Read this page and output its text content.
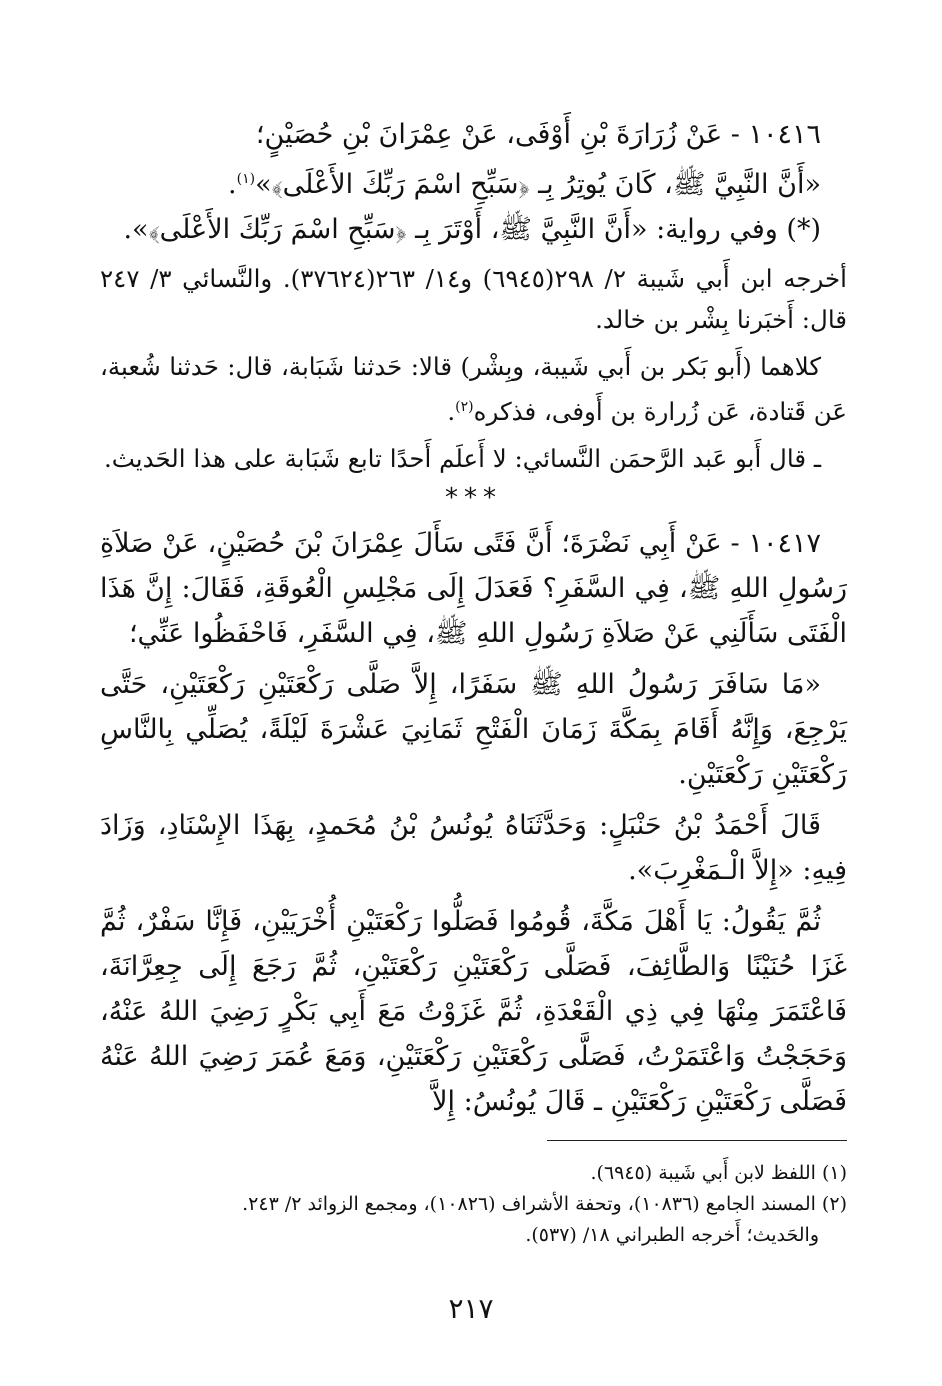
١٠٤١٦ - عَنْ زُرَارَةَ بْنِ أَوْفَى، عَنْ عِمْرَانَ بْنِ حُصَيْنٍ؛

«أَنَّ النَّبِيَّ ﷺ، كَانَ يُوتِرُ بِـ ﴿سَبِّحِ اسْمَ رَبِّكَ الأَعْلَى﴾»$^{(١)}$.

(*) وفي رواية: «أَنَّ النَّبِيَّ ﷺ، أَوْتَرَ بِـ ﴿سَبِّحِ اسْمَ رَبِّكَ الأَعْلَى﴾».

أخرجه ابن أَبي شَيبة ٢/ ٢٩٨(٦٩٤٥) و١٤/ ٢٦٣(٣٧٦٢٤). والنَّسائي ٣/ ٢٤٧ قال: أَخبَرنا بِشْر بن خالد.

كلاهما (أَبو بَكر بن أَبي شَيبة، وبِشْر) قالا: حَدثنا شَبَابة، قال: حَدثنا شُعبة، عَن قَتادة، عَن زُرارة بن أَوفى، فذكره$^{(٢)}$.

ـ قال أَبو عَبد الرَّحمَن النَّسائي: لا أَعلَم أَحدًا تابع شَبَابة على هذا الحَديث.

***

١٠٤١٧ - عَنْ أَبِي نَضْرَةَ؛ أَنَّ فَتًى سَأَلَ عِمْرَانَ بْنَ حُصَيْنٍ، عَنْ صَلاَةِ رَسُولِ اللهِ ﷺ، فِي السَّفَرِ؟ فَعَدَلَ إِلَى مَجْلِسِ الْعُوقَةِ، فَقَالَ: إِنَّ هَذَا الْفَتَى سَأَلَنِي عَنْ صَلاَةِ رَسُولِ اللهِ ﷺ، فِي السَّفَرِ، فَاحْفَظُوا عَنِّي؛

«مَا سَافَرَ رَسُولُ اللهِ ﷺ سَفَرًا، إِلاَّ صَلَّى رَكْعَتَيْنِ رَكْعَتَيْنِ، حَتَّى يَرْجِعَ، وَإِنَّهُ أَقَامَ بِمَكَّةَ زَمَانَ الْفَتْحِ ثَمَانِيَ عَشْرَةَ لَيْلَةً، يُصَلِّي بِالنَّاسِ رَكْعَتَيْنِ رَكْعَتَيْنِ.

قَالَ أَحْمَدُ بْنُ حَنْبَلٍ: وَحَدَّثَنَاهُ يُونُسُ بْنُ مُحَمدٍ، بِهَذَا الإِسْنَادِ، وَزَادَ فِيهِ: «إِلاَّ الْـمَغْرِبَ».

ثُمَّ يَقُولُ: يَا أَهْلَ مَكَّةَ، قُومُوا فَصَلُّوا رَكْعَتَيْنِ أُخْرَيَيْنِ، فَإِنَّا سَفْرٌ، ثُمَّ غَزَا حُنَيْنًا وَالطَّائِفَ، فَصَلَّى رَكْعَتَيْنِ رَكْعَتَيْنِ، ثُمَّ رَجَعَ إِلَى جِعِرَّانَةَ، فَاعْتَمَرَ مِنْهَا فِي ذِي الْقَعْدَةِ، ثُمَّ غَزَوْتُ مَعَ أَبِي بَكْرٍ رَضِيَ اللهُ عَنْهُ، وَحَجَجْتُ وَاعْتَمَرْتُ، فَصَلَّى رَكْعَتَيْنِ رَكْعَتَيْنِ، وَمَعَ عُمَرَ رَضِيَ اللهُ عَنْهُ فَصَلَّى رَكْعَتَيْنِ رَكْعَتَيْنِ ـ قَالَ يُونُسُ: إِلاَّ

(١) اللفظ لابن أَبي شَيبة (٦٩٤٥).

(٢) المسند الجامع (١٠٨٣٦)، وتحفة الأشراف (١٠٨٢٦)، ومجمع الزوائد ٢/ ٢٤٣.

والحَديث؛ أَخرجه الطبراني ١٨/ (٥٣٧).

٢١٧
